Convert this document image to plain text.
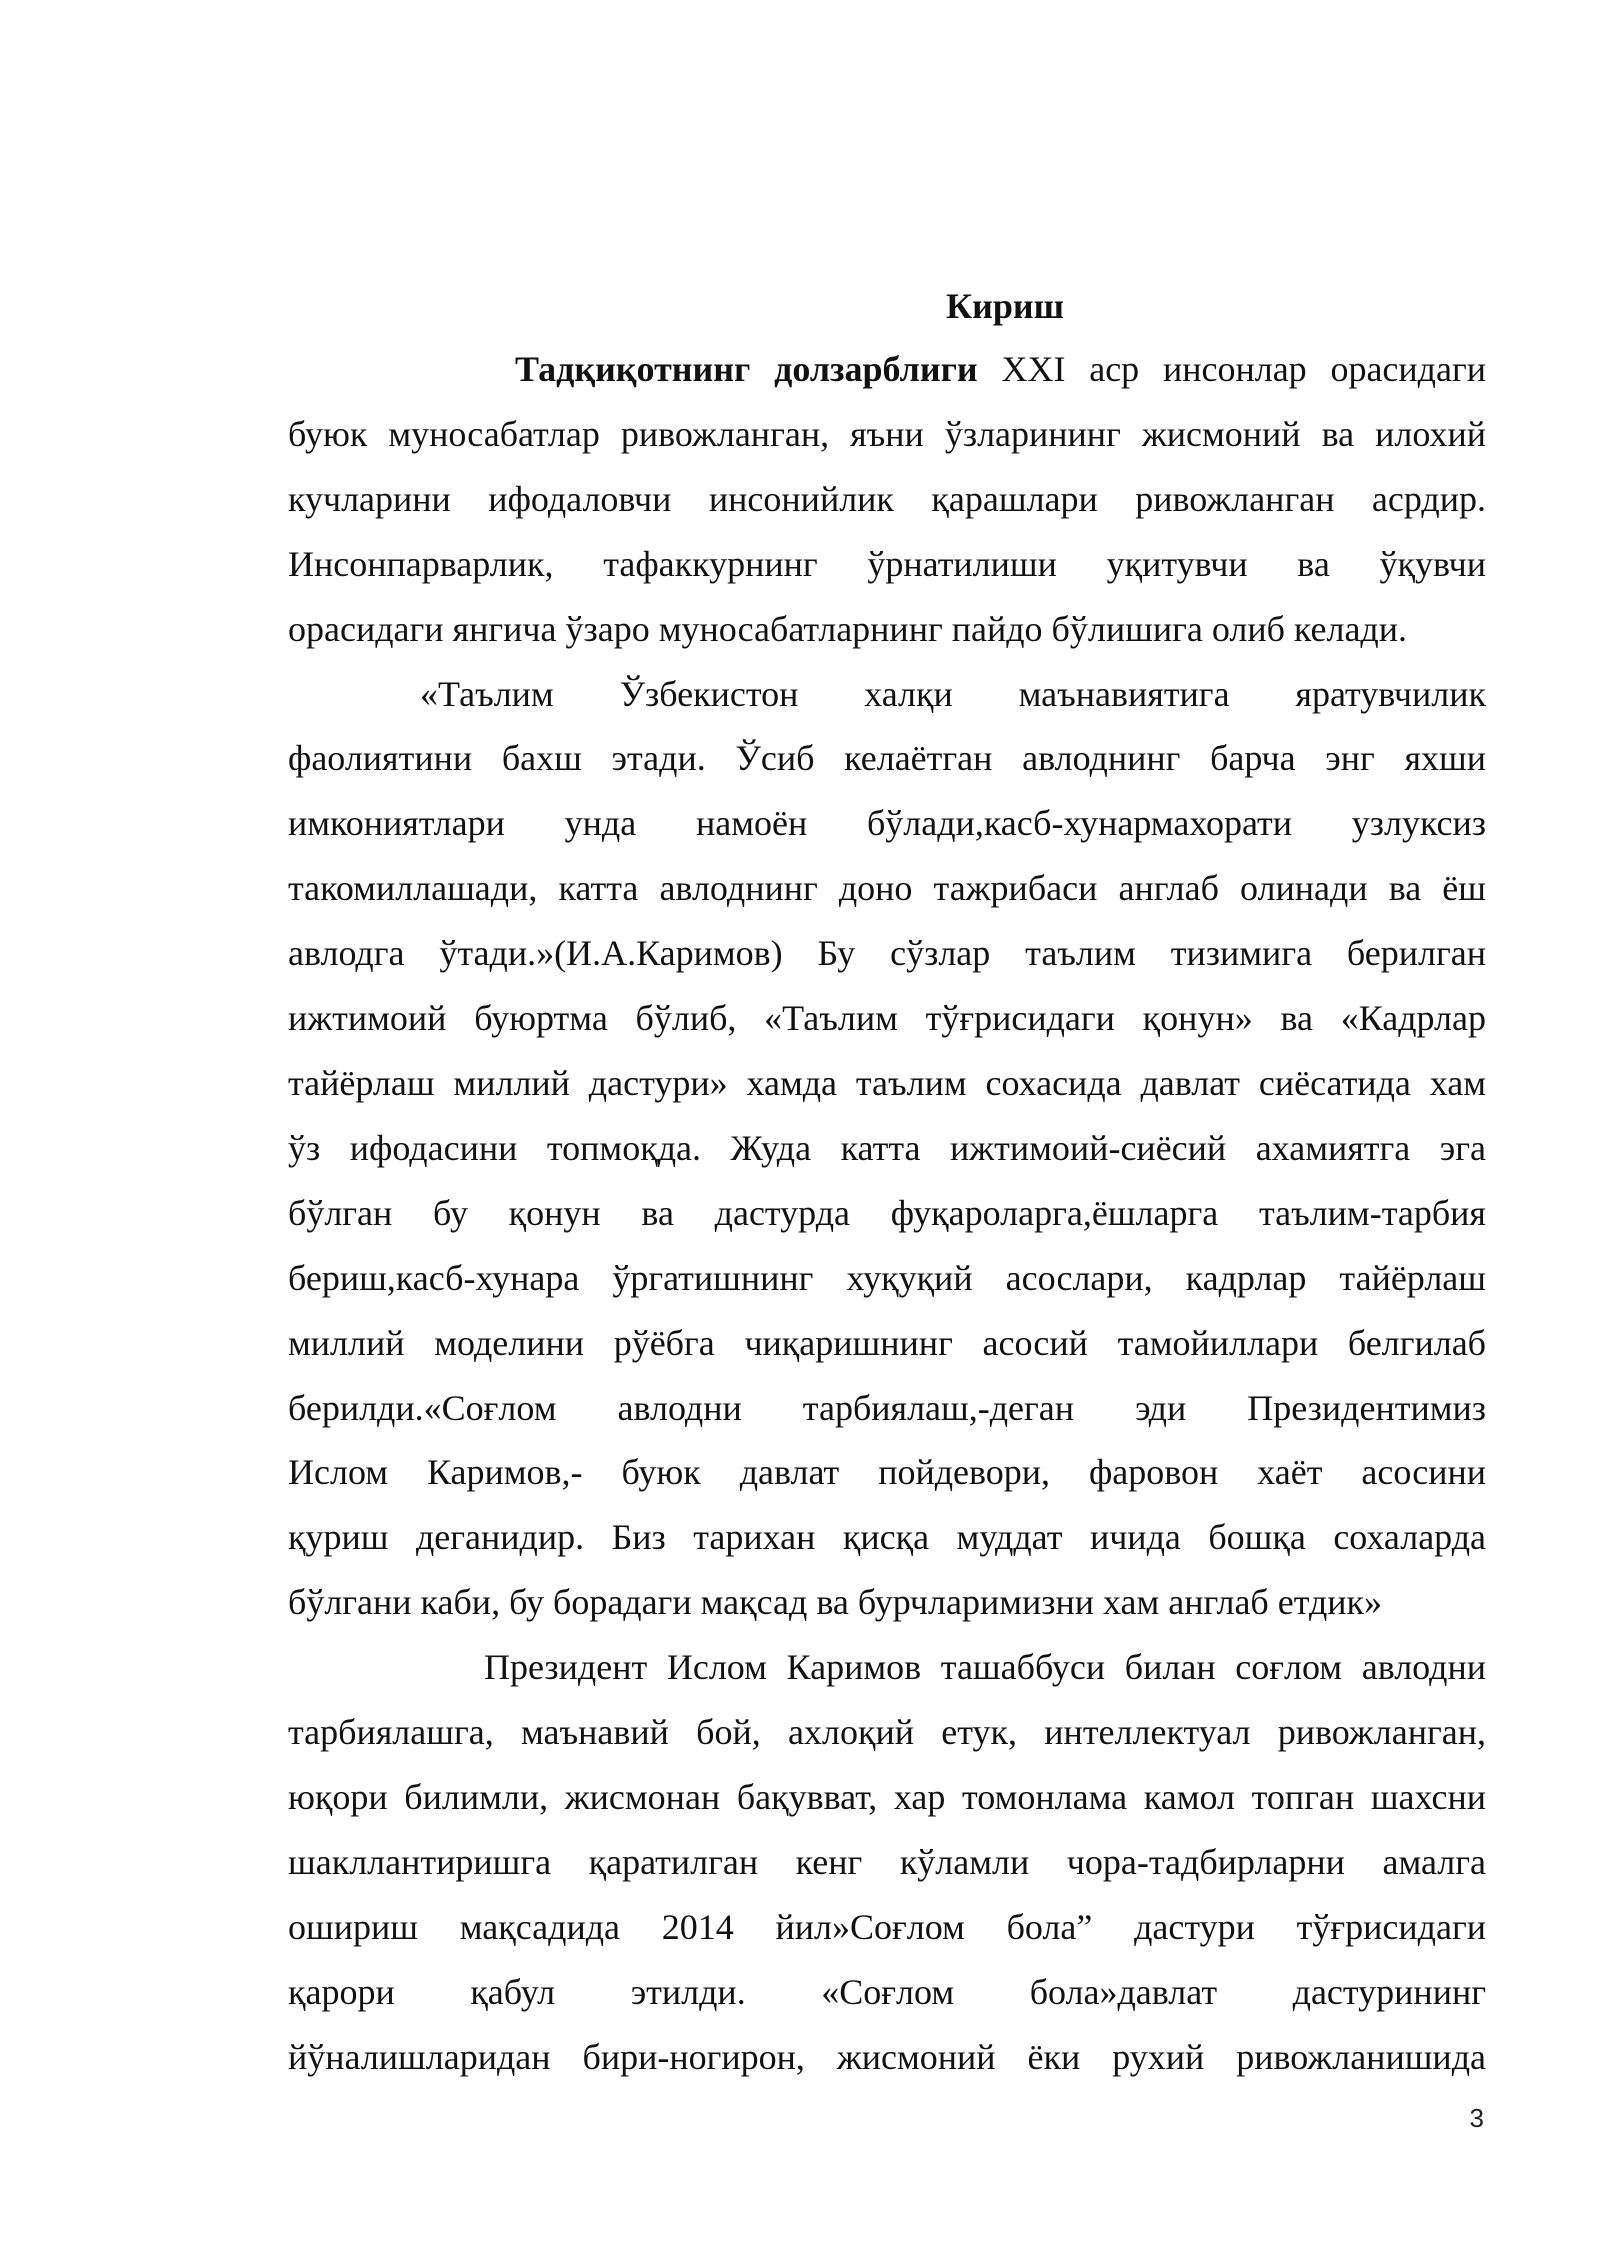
Кириш
Тадқиқотнинг долзарблиги XXI аср инсонлар орасидаги
буюк муносабатлар ривожланган, яъни ўзларининг жисмоний ва илохий
кучларини ифодаловчи инсонийлик қарашлари ривожланган асрдир.
Инсонпарварлик, тафаккурнинг ўрнатилиши уқитувчи ва ўқувчи
орасидаги янгича ўзаро муносабатларнинг пайдо бўлишига олиб келади.
«Таълим Ўзбекистон халқи маънавиятига яратувчилик
фаолиятини бахш этади. Ўсиб келаётган авлоднинг барча энг яхши
имкониятлари унда намоён бўлади,касб-хунармахорати узлуксиз
такомиллашади, катта авлоднинг доно тажрибаси англаб олинади ва ёш
авлодга ўтади.»(И.А.Каримов) Бу сўзлар таълим тизимига берилган
ижтимоий буюртма бўлиб, «Таълим тўғрисидаги қонун» ва «Кадрлар
тайёрлаш миллий дастури» хамда таълим сохасида давлат сиёсатида хам
ўз ифодасини топмоқда. Жуда катта ижтимоий-сиёсий ахамиятга эга
бўлган бу қонун ва дастурда фуқароларга,ёшларга таълим-тарбия
бериш,касб-хунара ўргатишнинг хуқуқий асослари, кадрлар тайёрлаш
миллий моделини рўёбга чиқаришнинг асосий тамойиллари белгилаб
берилди.«Соғлом авлодни тарбиялаш,-деган эди Президентимиз
Ислом Каримов,- буюк давлат пойдевори, фаровон хаёт асосини
қуриш деганидир. Биз тарихан қисқа муддат ичида бошқа сохаларда
бўлгани каби, бу борадаги мақсад ва бурчларимизни хам англаб етдик»
Президент Ислом Каримов ташаббуси билан соғлом авлодни
тарбиялашга, маънавий бой, ахлоқий етук, интеллектуал ривожланган,
юқори билимли, жисмонан бақувват, хар томонлама камол топган шахсни
шакллантиришга қаратилган кенг кўламли чора-тадбирларни амалга
ошириш мақсадида 2014 йил»Соғлом бола” дастури тўғрисидаги
қарори қабул этилди. «Соғлом бола»давлат дастурининг
йўналишларидан бири-ногирон, жисмоний ёки рухий ривожланишида
3
